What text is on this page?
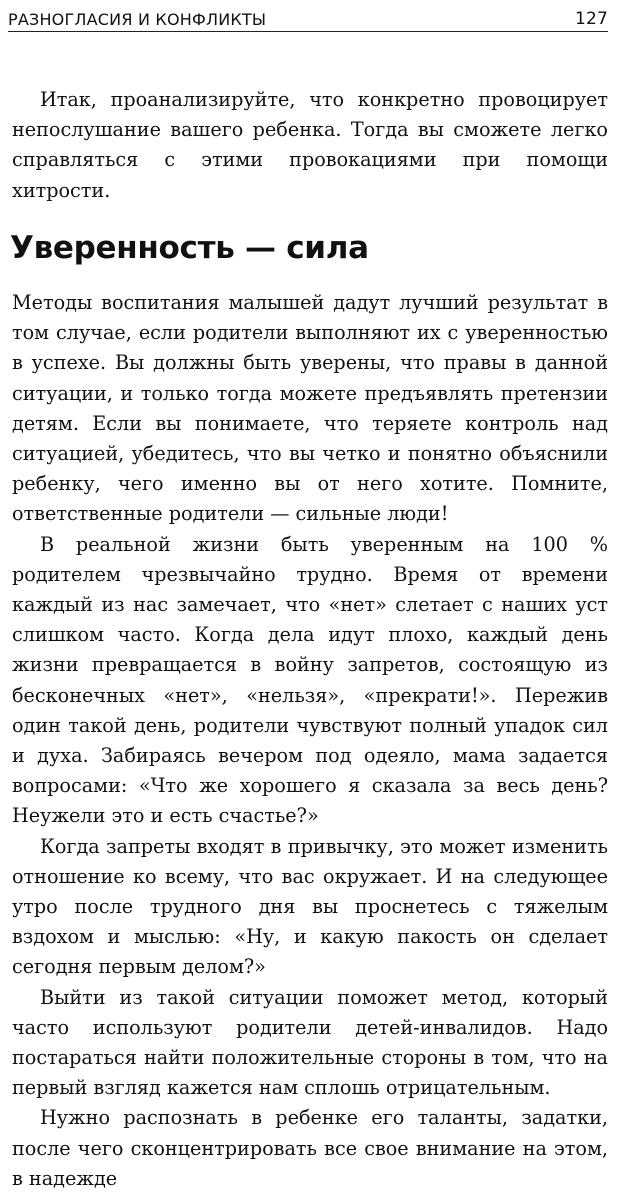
РАЗНОГЛАСИЯ И КОНФЛИКТЫ	127

Итак, проанализируйте, что конкретно провоцирует непослушание вашего ребенка. Тогда вы сможете легко справляться с этими провокациями при помощи хитрости.

Уверенность — сила

Методы воспитания малышей дадут лучший результат в том случае, если родители выполняют их с уверенностью в успехе. Вы должны быть уверены, что правы в данной ситуации, и только тогда можете предъявлять претензии детям. Если вы понимаете, что теряете контроль над ситуацией, убедитесь, что вы четко и понятно объяснили ребенку, чего именно вы от него хотите. Помните, ответственные родители — сильные люди!

В реальной жизни быть уверенным на 100 % родителем чрезвычайно трудно. Время от времени каждый из нас замечает, что «нет» слетает с наших уст слишком часто. Когда дела идут плохо, каждый день жизни превращается в войну запретов, состоящую из бесконечных «нет», «нельзя», «прекрати!». Пережив один такой день, родители чувствуют полный упадок сил и духа. Забираясь вечером под одеяло, мама задается вопросами: «Что же хорошего я сказала за весь день? Неужели это и есть счастье?»

Когда запреты входят в привычку, это может изменить отношение ко всему, что вас окружает. И на следующее утро после трудного дня вы проснетесь с тяжелым вздохом и мыслью: «Ну, и какую пакость он сделает сегодня первым делом?»

Выйти из такой ситуации поможет метод, который часто используют родители детей-инвалидов. Надо постараться найти положительные стороны в том, что на первый взгляд кажется нам сплошь отрицательным.

Нужно распознать в ребенке его таланты, задатки, после чего сконцентрировать все свое внимание на этом, в надежде
